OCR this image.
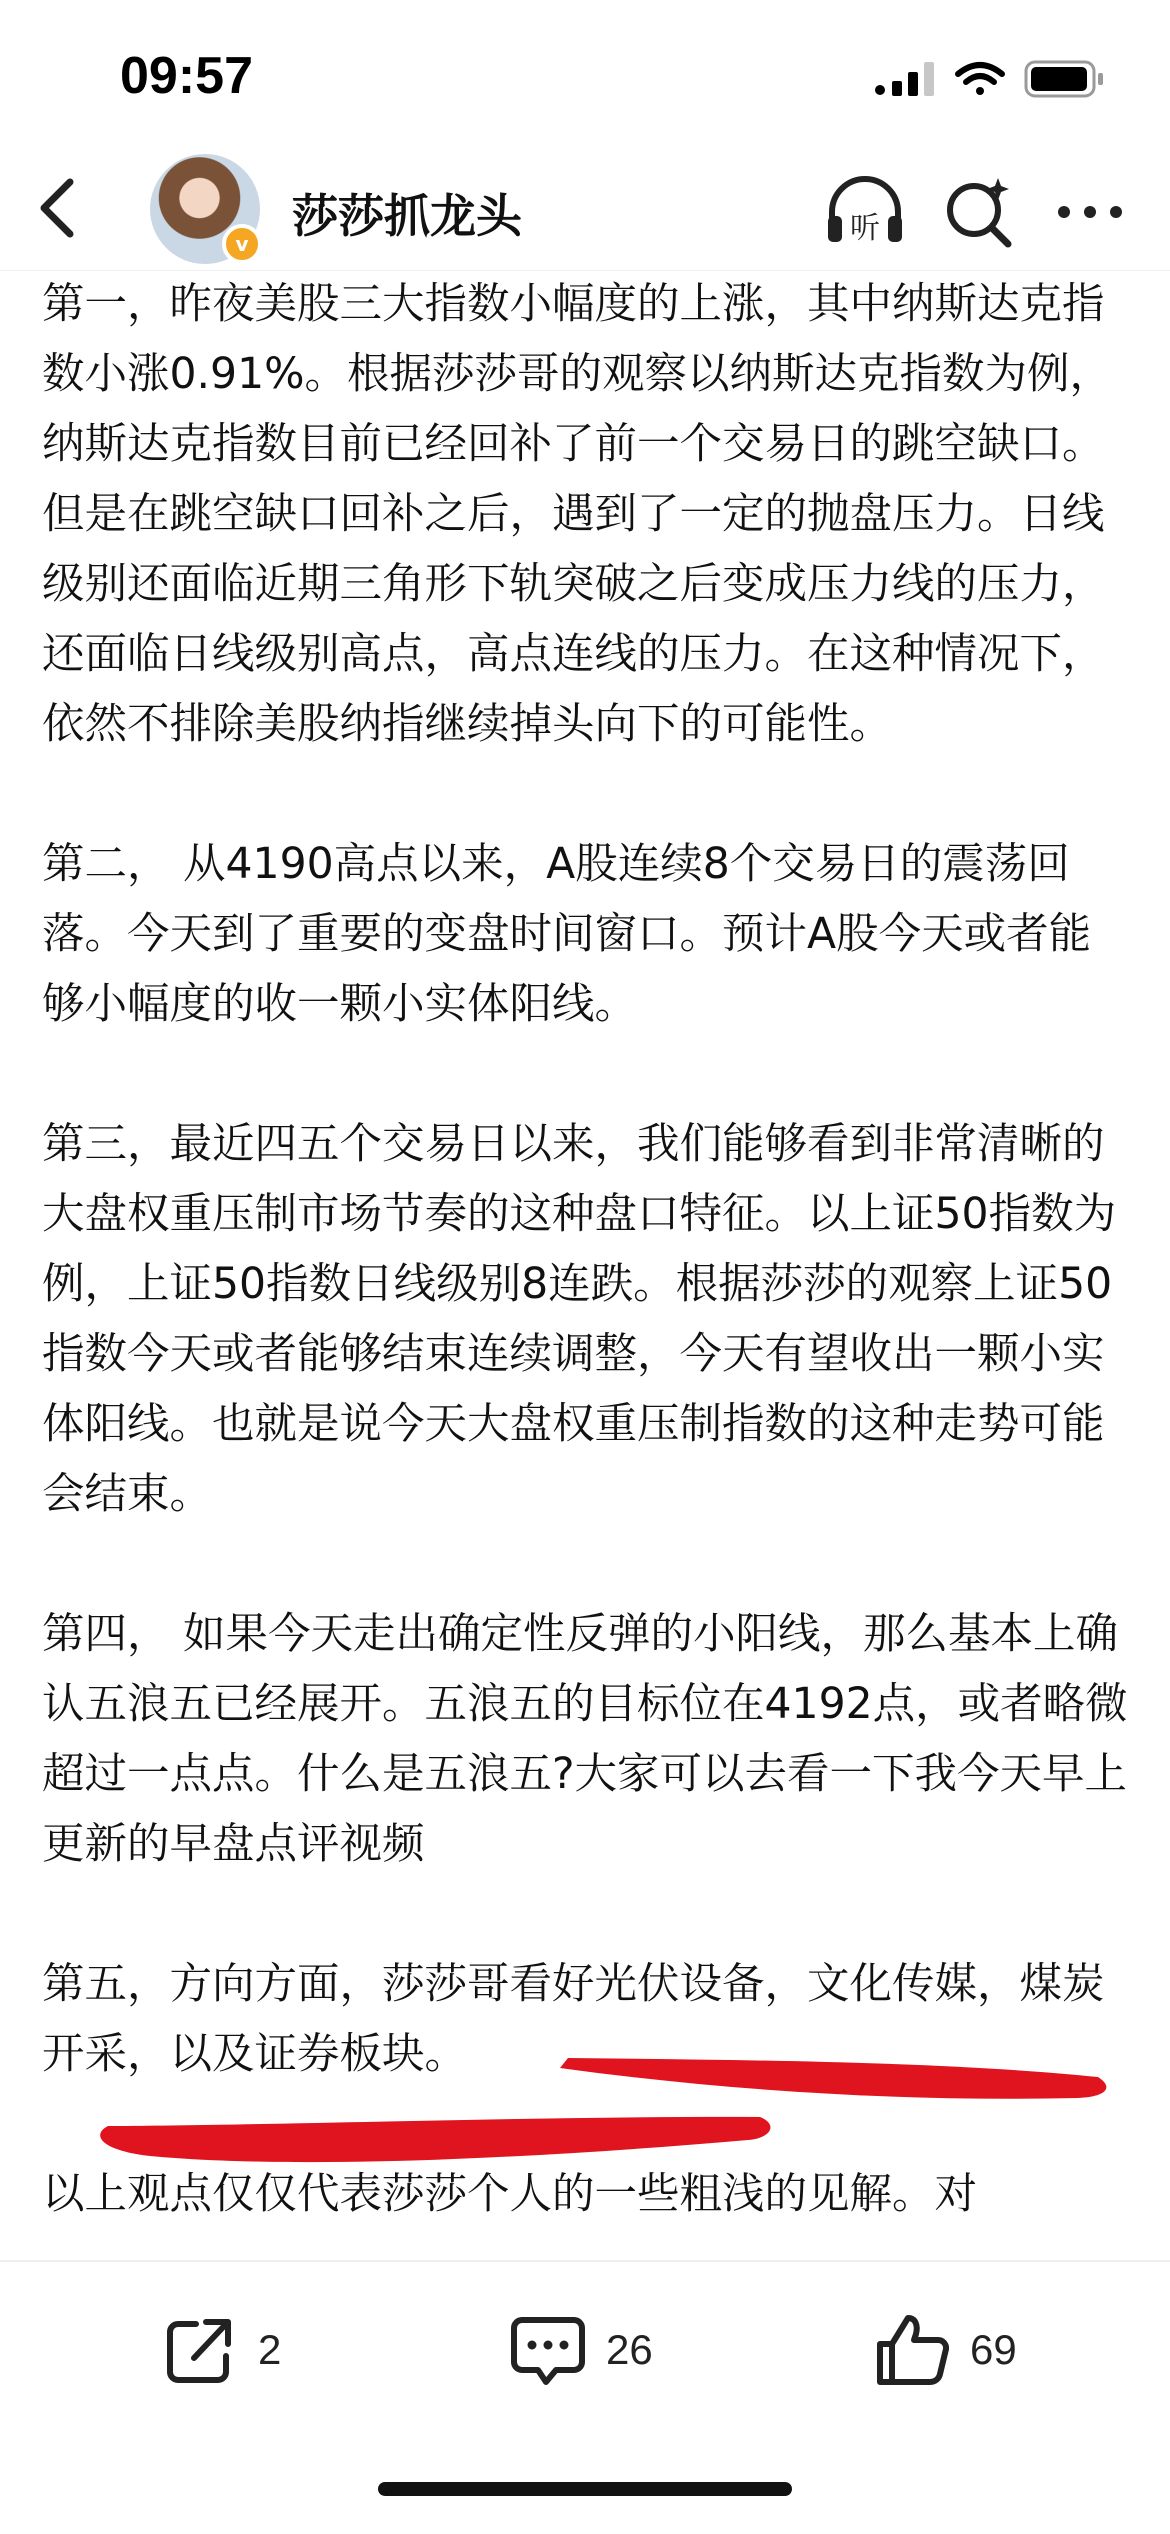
09:57
v
莎莎抓龙头	听

第一，昨夜美股三大指数小幅度的上涨，其中纳斯达克指数小涨0.91%。根据莎莎哥的观察以纳斯达克指数为例，纳斯达克指数目前已经回补了前一个交易日的跳空缺口。但是在跳空缺口回补之后，遇到了一定的抛盘压力。日线级别还面临近期三角形下轨突破之后变成压力线的压力，还面临日线级别高点，高点连线的压力。在这种情况下，依然不排除美股纳指继续掉头向下的可能性。

第二， 从4190高点以来，A股连续8个交易日的震荡回落。今天到了重要的变盘时间窗口。预计A股今天或者能够小幅度的收一颗小实体阳线。

第三，最近四五个交易日以来，我们能够看到非常清晰的大盘权重压制市场节奏的这种盘口特征。以上证50指数为例，上证50指数日线级别8连跌。根据莎莎的观察上证50指数今天或者能够结束连续调整，今天有望收出一颗小实体阳线。也就是说今天大盘权重压制指数的这种走势可能会结束。

第四， 如果今天走出确定性反弹的小阳线，那么基本上确认五浪五已经展开。五浪五的目标位在4192点，或者略微超过一点点。什么是五浪五?大家可以去看一下我今天早上更新的早盘点评视频

第五，方向方面，莎莎哥看好光伏设备，文化传媒，煤炭开采，以及证券板块。

以上观点仅仅代表莎莎个人的一些粗浅的见解。对

2	26	69
